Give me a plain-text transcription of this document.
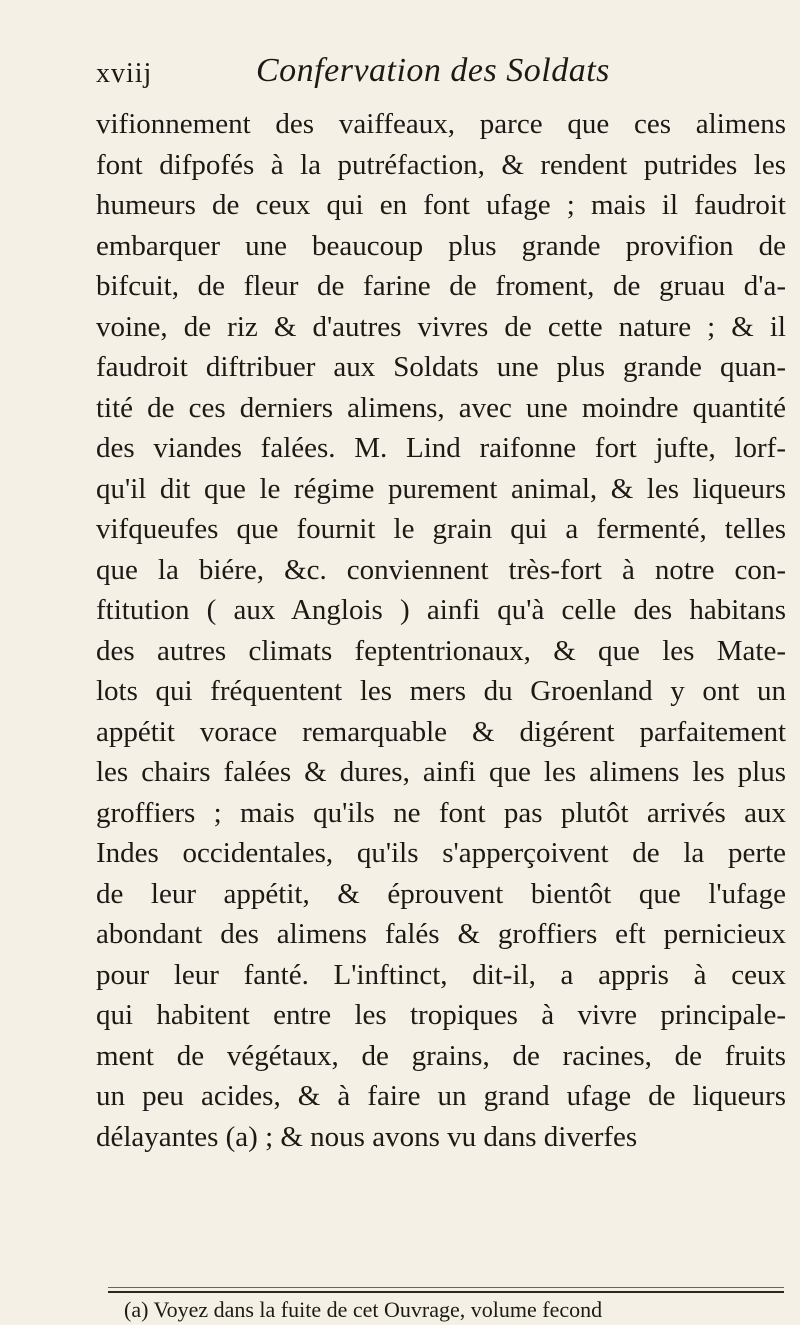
xviij	Confervation des Soldats
vifionnement des vaiffeaux, parce que ces alimens
font difpofés à la putréfaction, & rendent putrides les
humeurs de ceux qui en font ufage ; mais il faudroit
embarquer une beaucoup plus grande provifion de
bifcuit, de fleur de farine de froment, de gruau d'a-
voine, de riz & d'autres vivres de cette nature ; & il
faudroit diftribuer aux Soldats une plus grande quan-
tité de ces derniers alimens, avec une moindre quantité
des viandes falées. M. Lind raifonne fort jufte, lorf-
qu'il dit que le régime purement animal, & les liqueurs
vifqueufes que fournit le grain qui a fermenté, telles
que la biére, &c. conviennent très-fort à notre con-
ftitution ( aux Anglois ) ainfi qu'à celle des habitans
des autres climats feptentrionaux, & que les Mate-
lots qui fréquentent les mers du Groenland y ont un
appétit vorace remarquable & digérent parfaitement
les chairs falées & dures, ainfi que les alimens les plus
groffiers ; mais qu'ils ne font pas plutôt arrivés aux
Indes occidentales, qu'ils s'apperçoivent de la perte
de leur appétit, & éprouvent bientôt que l'ufage
abondant des alimens falés & groffiers eft pernicieux
pour leur fanté. L'inftinct, dit-il, a appris à ceux
qui habitent entre les tropiques à vivre principale-
ment de végétaux, de grains, de racines, de fruits
un peu acides, & à faire un grand ufage de liqueurs
délayantes (a) ; & nous avons vu dans diverfes
(a) Voyez dans la fuite de cet Ouvrage, volume fecond
